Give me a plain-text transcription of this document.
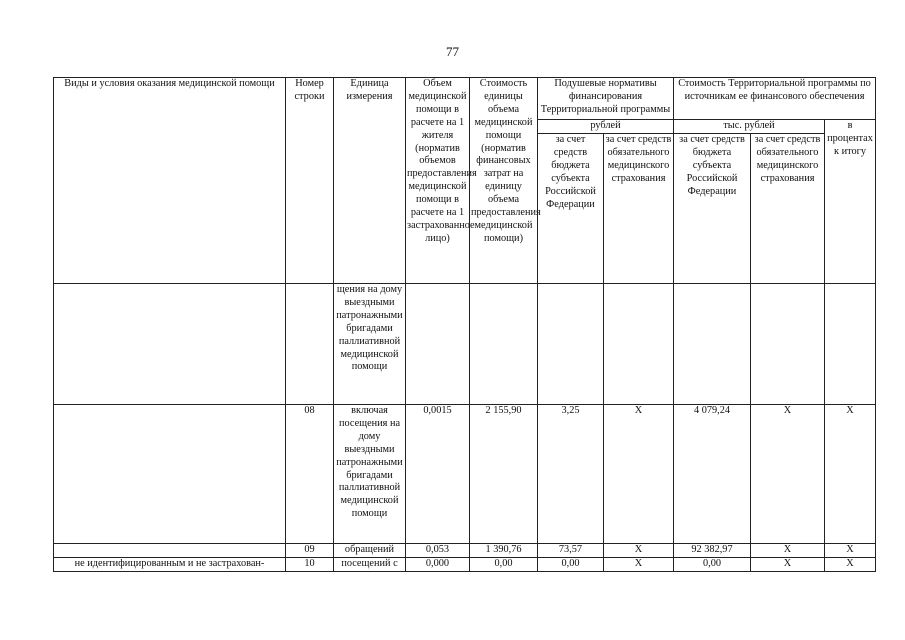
77
Виды и условия оказания медицинской помощи	Номер строки	Единица измерения	Объем медицинской помощи в расчете на 1 жителя (норматив объемов предоставления медицинской помощи в расчете на 1 застрахованное лицо)	Стоимость единицы объема медицинской помощи (норматив финансовых затрат на единицу объема предоставления медицинской помощи)	Подушевые нормативы финансирования Территориальной программы		Стоимость Территориальной программы по источникам ее финансового обеспечения		
					рублей		тыс. рублей		в процентах к итогу
					за счет средств бюджета субъекта Российской Федерации	за счет средств обязательного медицинского страхования	за счет средств бюджета субъекта Российской Федерации	за счет средств обязательного медицинского страхования	
		щения на дому выездными патронажными бригадами паллиативной медицинской помощи							
	08	включая посещения на дому выездными патронажными бригадами паллиативной медицинской помощи	0,0015	2 155,90	3,25	X	4 079,24	X	X
	09	обращений	0,053	1 390,76	73,57	X	92 382,97	X	X
не идентифицированным и не застрахован-	10	посещений с	0,000	0,00	0,00	X	0,00	X	X
